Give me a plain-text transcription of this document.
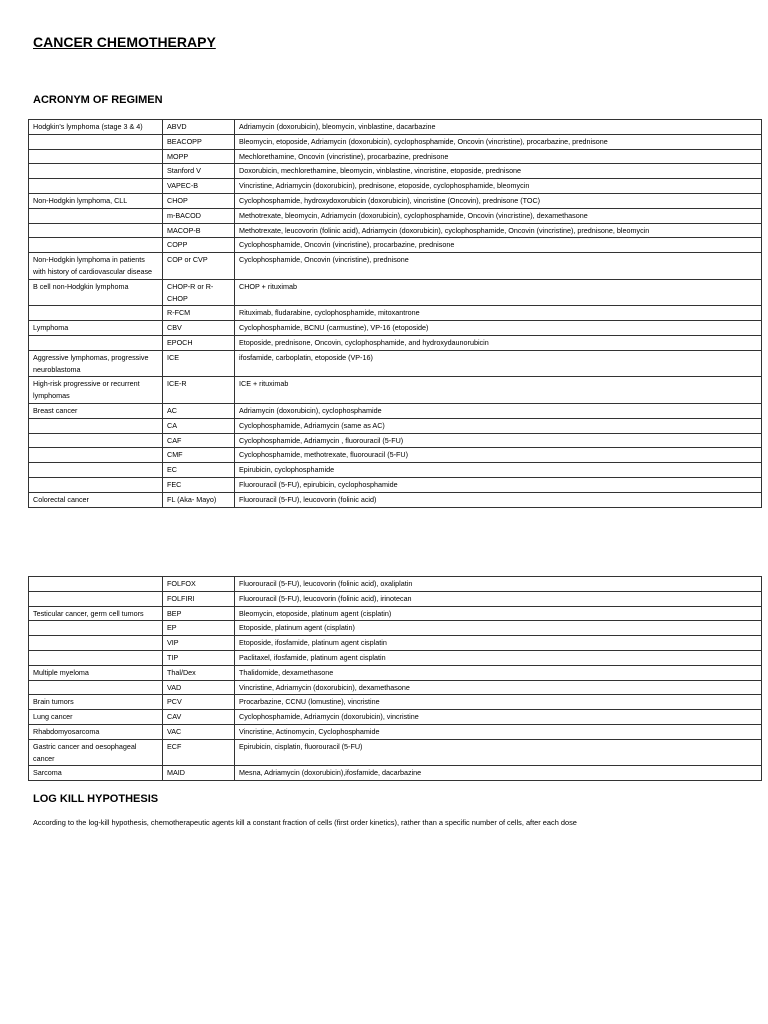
CANCER CHEMOTHERAPY
ACRONYM OF REGIMEN
Hodgkin's lymphoma (stage 3 & 4)	ABVD	Adriamycin (doxorubicin), bleomycin, vinblastine, dacarbazine
	BEACOPP	Bleomycin, etoposide, Adriamycin (doxorubicin), cyclophosphamide, Oncovin (vincristine), procarbazine, prednisone
	MOPP	Mechlorethamine, Oncovin (vincristine), procarbazine, prednisone
	Stanford V	Doxorubicin, mechlorethamine, bleomycin, vinblastine, vincristine, etoposide, prednisone
	VAPEC-B	Vincristine, Adriamycin (doxorubicin), prednisone, etoposide, cyclophosphamide, bleomycin
Non-Hodgkin lymphoma, CLL	CHOP	Cyclophosphamide, hydroxydoxorubicin (doxorubicin), vincristine (Oncovin), prednisone (TOC)
	m-BACOD	Methotrexate, bleomycin, Adriamycin (doxorubicin), cyclophosphamide, Oncovin (vincristine), dexamethasone
	MACOP-B	Methotrexate, leucovorin (folinic acid), Adriamycin (doxorubicin), cyclophosphamide, Oncovin (vincristine), prednisone, bleomycin
	COPP	Cyclophosphamide, Oncovin (vincristine), procarbazine, prednisone
Non-Hodgkin lymphoma in patients with history of cardiovascular disease	COP or CVP	Cyclophosphamide, Oncovin (vincristine), prednisone
B cell non-Hodgkin lymphoma	CHOP-R or R-CHOP	CHOP + rituximab
	R-FCM	Rituximab, fludarabine, cyclophosphamide, mitoxantrone
Lymphoma	CBV	Cyclophosphamide, BCNU (carmustine), VP-16 (etoposide)
	EPOCH	Etoposide, prednisone, Oncovin, cyclophosphamide, and hydroxydaunorubicin
Aggressive lymphomas, progressive neuroblastoma	ICE	ifosfamide, carboplatin, etoposide (VP-16)
High-risk progressive or recurrent lymphomas	ICE-R	ICE + rituximab
Breast cancer	AC	Adriamycin (doxorubicin), cyclophosphamide
	CA	Cyclophosphamide, Adriamycin (same as AC)
	CAF	Cyclophosphamide, Adriamycin , fluorouracil (5-FU)
	CMF	Cyclophosphamide, methotrexate, fluorouracil (5-FU)
	EC	Epirubicin, cyclophosphamide
	FEC	Fluorouracil (5-FU), epirubicin, cyclophosphamide
Colorectal cancer	FL (Aka- Mayo)	Fluorouracil (5-FU), leucovorin (folinic acid)
	FOLFOX	Fluorouracil (5-FU), leucovorin (folinic acid), oxaliplatin
	FOLFIRI	Fluorouracil (5-FU), leucovorin (folinic acid), irinotecan
Testicular cancer, germ cell tumors	BEP	Bleomycin, etoposide, platinum agent (cisplatin)
	EP	Etoposide, platinum agent (cisplatin)
	VIP	Etoposide, ifosfamide, platinum agent cisplatin
	TIP	Paclitaxel, ifosfamide, platinum agent cisplatin
Multiple myeloma	Thal/Dex	Thalidomide, dexamethasone
	VAD	Vincristine, Adriamycin (doxorubicin), dexamethasone
Brain tumors	PCV	Procarbazine, CCNU (lomustine), vincristine
Lung cancer	CAV	Cyclophosphamide, Adriamycin (doxorubicin), vincristine
Rhabdomyosarcoma	VAC	Vincristine, Actinomycin, Cyclophosphamide
Gastric cancer and oesophageal cancer	ECF	Epirubicin, cisplatin, fluorouracil (5-FU)
Sarcoma	MAID	Mesna, Adriamycin (doxorubicin),ifosfamide, dacarbazine
LOG KILL HYPOTHESIS
According to the log-kill hypothesis, chemotherapeutic agents kill a constant fraction of cells (first order kinetics), rather than a specific number of cells, after each dose
